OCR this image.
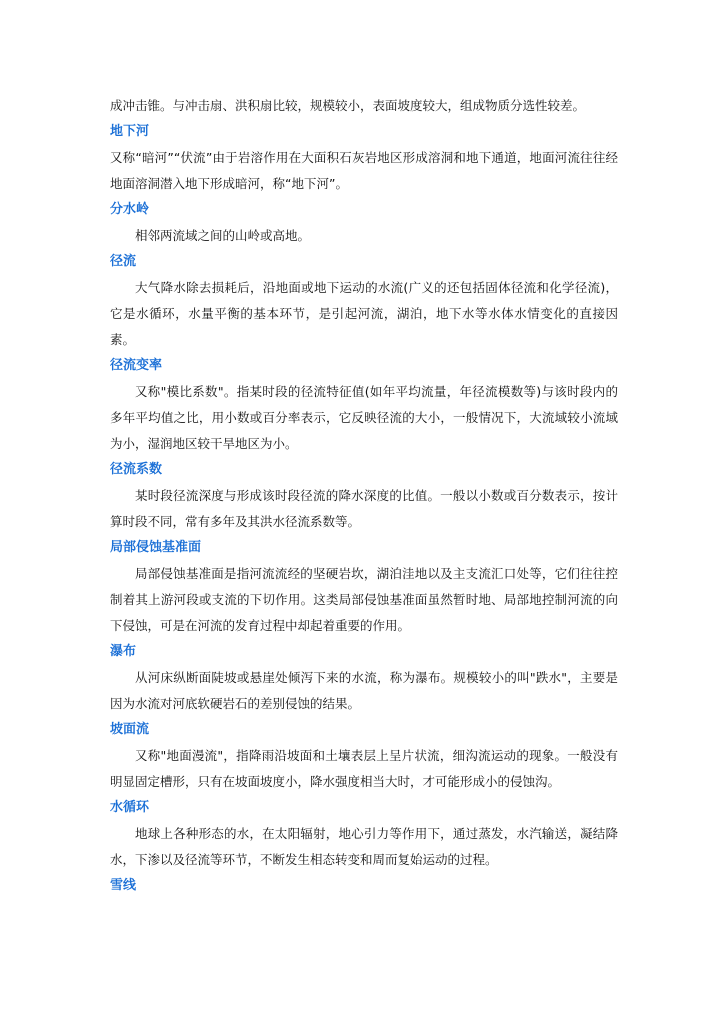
成冲击锥。与冲击扇、洪积扇比较，规模较小，表面坡度较大，组成物质分选性较差。

地下河

又称“暗河”“伏流”由于岩溶作用在大面积石灰岩地区形成溶洞和地下通道，地面河流往往经地面溶洞潜入地下形成暗河，称“地下河”。

分水岭

相邻两流域之间的山岭或高地。

径流

大气降水除去损耗后，沿地面或地下运动的水流(广义的还包括固体径流和化学径流)，它是水循环，水量平衡的基本环节，是引起河流，湖泊，地下水等水体水情变化的直接因素。

径流变率

又称"模比系数"。指某时段的径流特征值(如年平均流量，年径流模数等)与该时段内的多年平均值之比，用小数或百分率表示，它反映径流的大小，一般情况下，大流域较小流域为小，湿润地区较干旱地区为小。

径流系数

某时段径流深度与形成该时段径流的降水深度的比值。一般以小数或百分数表示，按计算时段不同，常有多年及其洪水径流系数等。

局部侵蚀基准面

局部侵蚀基准面是指河流流经的坚硬岩坎，湖泊洼地以及主支流汇口处等，它们往往控制着其上游河段或支流的下切作用。这类局部侵蚀基准面虽然暂时地、局部地控制河流的向下侵蚀，可是在河流的发育过程中却起着重要的作用。

瀑布

从河床纵断面陡坡或悬崖处倾泻下来的水流，称为瀑布。规模较小的叫"跌水"，主要是因为水流对河底软硬岩石的差别侵蚀的结果。

坡面流

又称"地面漫流"，指降雨沿坡面和土壤表层上呈片状流，细沟流运动的现象。一般没有明显固定槽形，只有在坡面坡度小，降水强度相当大时，才可能形成小的侵蚀沟。

水循环

地球上各种形态的水，在太阳辐射，地心引力等作用下，通过蒸发，水汽输送，凝结降水，下渗以及径流等环节，不断发生相态转变和周而复始运动的过程。

雪线
